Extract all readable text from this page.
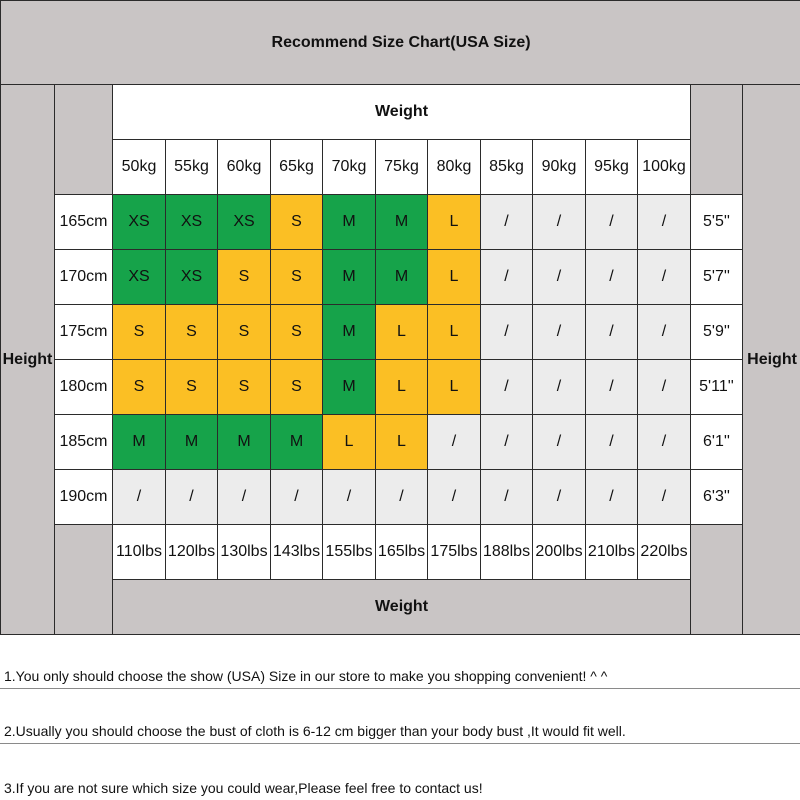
Recommend Size Chart(USA Size)														
Height		Weight												Height
		50kg	55kg	60kg	65kg	70kg	75kg	80kg	85kg	90kg	95kg	100kg		
	165cm	XS	XS	XS	S	M	M	L	/	/	/	/	5'5''	
	170cm	XS	XS	S	S	M	M	L	/	/	/	/	5'7''	
	175cm	S	S	S	S	M	L	L	/	/	/	/	5'9''	
	180cm	S	S	S	S	M	L	L	/	/	/	/	5'11''	
	185cm	M	M	M	M	L	L	/	/	/	/	/	6'1''	
	190cm	/	/	/	/	/	/	/	/	/	/	/	6'3''	
		110lbs	120lbs	130lbs	143lbs	155lbs	165lbs	175lbs	188lbs	200lbs	210lbs	220lbs		
		Weight												
1.You only should choose the show (USA) Size in our store to make you shopping convenient! ^ ^
2.Usually you should choose the bust of cloth is 6-12 cm bigger than your body bust ,It would fit well.
3.If you are not sure which size you could wear,Please feel free to contact us!
